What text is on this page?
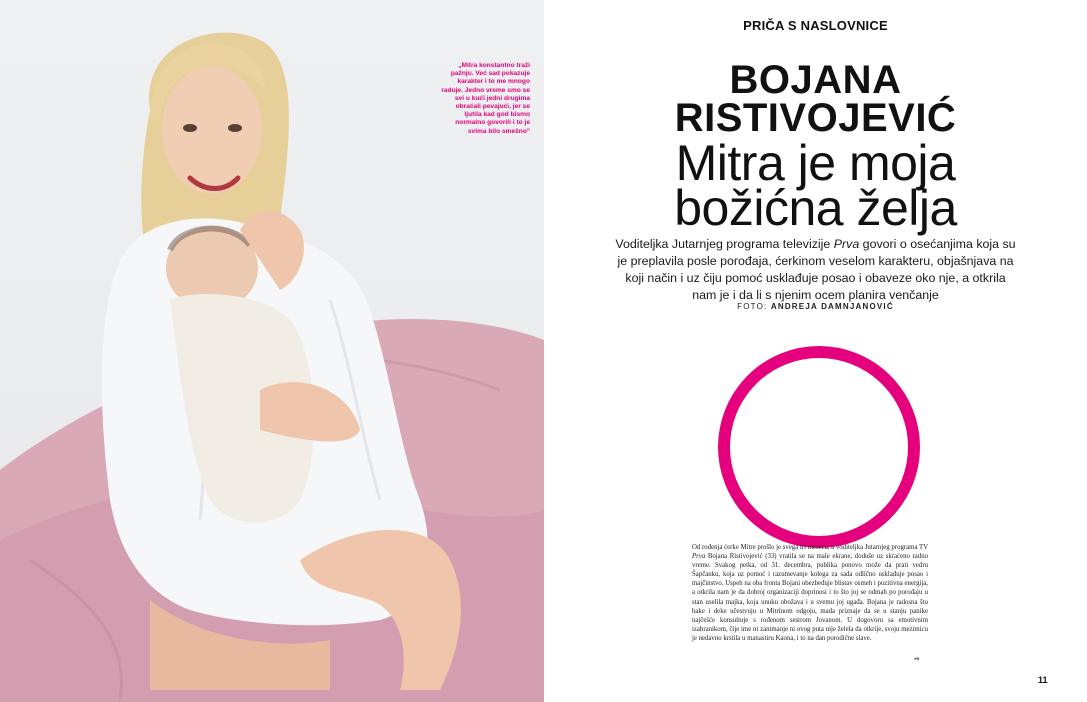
„Mitra konstantno traži pažnju. Već sad pokazuje karakter i to me mnogo raduje. Jedno vreme smo se svi u kući jedni drugima obraćali pevajući, jer se ljutila kad god bismo normalno govorili i to je svima bilo smešno"

PRIČA S NASLOVNICE
BOJANA
RISTIVOJEVIĆ
Mitra je moja
božićna želja
Voditeljka Jutarnjeg programa televizije Prva govori o osećanjima koja su je preplavila posle porođaja, ćerkinom veselom karakteru, objašnjava na koji način i uz čiju pomoć usklađuje posao i obaveze oko nje, a otkrila nam je i da li s njenim ocem planira venčanje
FOTO: ANDREJA DAMNJANOVIĆ

Od rođenja ćerke Mitre prošlo je svega tri meseca, a voditeljka Jutarnjeg programa TV Prva Bojana Ristivojević (33) vratila se na male ekrane, doduše uz skraćeno radno vreme. Svakog petka, od 31. decembra, publika ponovo može da prati vedru Šapčanku, koja uz pomoć i razumevanje kolega za sada odlično usklađuje posao i majčinstvo. Uspeh na oba fronta Bojani obezbeđuje blistav osmeh i pozitivna energija, a otkrila nam je da dobroj organizaciji doprinosi i to što joj se odmah po porođaju u stan uselila majka, koja unuku obožava i u svemu joj ugađa. Bojana je radosna što bake i deke učestvuju u Mitrinom odgoju, mada priznaje da se u stanju panike najčešće konsultuje s rođenom sestrom Jovanom. U dogovoru sa emotivnim izabranikom, čije ime ni zanimanje ni ovog puta nije želela da otkrije, svoju mezimicu je nedavno krstila u manastiru Kaona, i to na dan porodične slave.

➺
11
